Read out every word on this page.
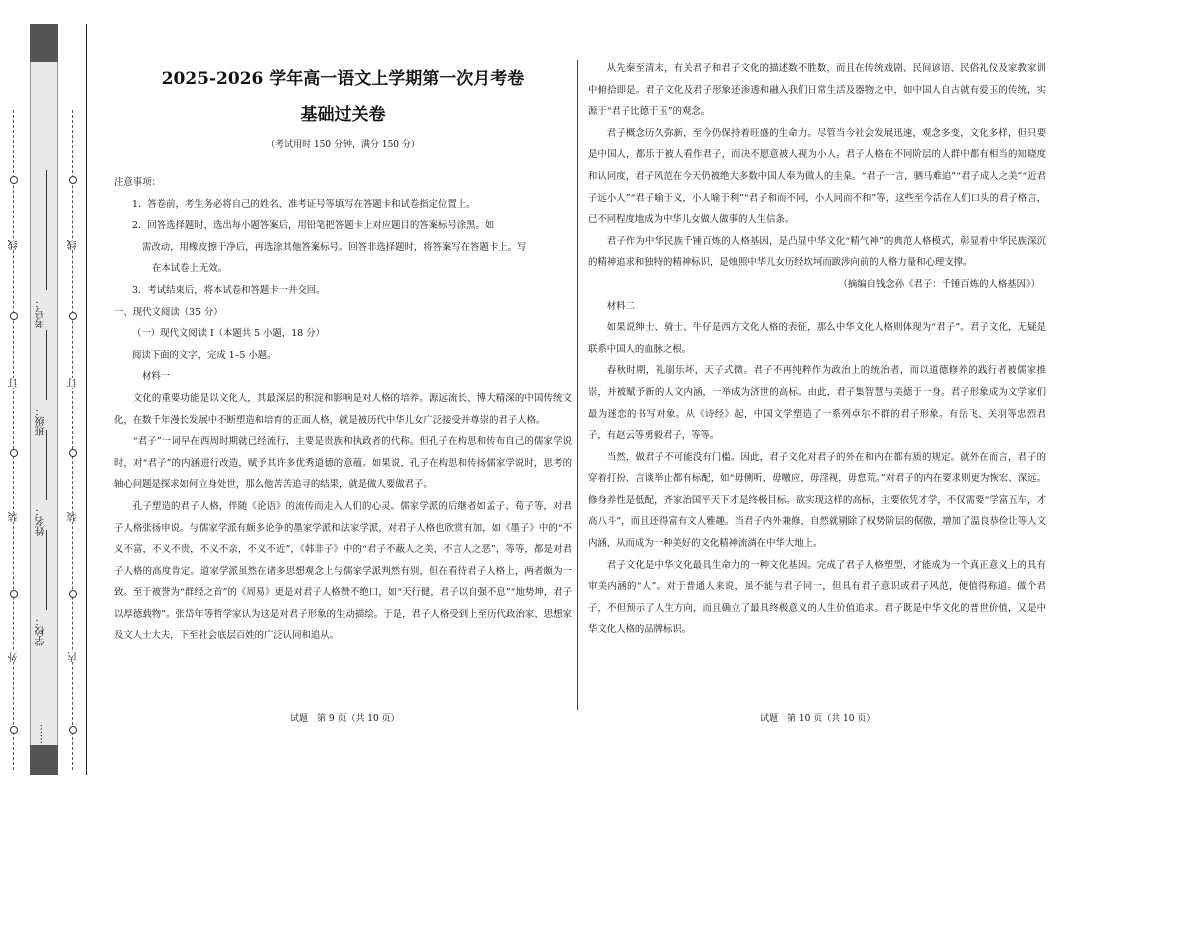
外
装
订
线
内
装
订
线
学校：
姓名：
班级：
考号：
……

2025-2026 学年高一语文上学期第一次月考卷

基础过关卷

（考试用时 150 分钟，满分 150 分）

注意事项：

1．答卷前，考生务必将自己的姓名、准考证号等填写在答题卡和试卷指定位置上。

2．回答选择题时，选出每小题答案后，用铅笔把答题卡上对应题目的答案标号涂黑。如

需改动，用橡皮擦干净后，再选涂其他答案标号。回答非选择题时，将答案写在答题卡上。写

在本试卷上无效。

3．考试结束后，将本试卷和答题卡一并交回。

一、现代文阅读（35 分）

（一）现代文阅读 I（本题共 5 小题，18 分）

阅读下面的文字，完成 1–5 小题。

材料一

文化的重要功能是以文化人，其最深层的积淀和影响是对人格的培养。源远流长、博大精深的中国传统文化，在数千年漫长发展中不断塑造和培育的正面人格，就是被历代中华儿女广泛接受并尊崇的君子人格。

“君子”一词早在西周时期就已经流行，主要是贵族和执政者的代称。但孔子在构思和传布自己的儒家学说时，对“君子”的内涵进行改造，赋予其许多优秀道德的意蕴。如果说，孔子在构思和传扬儒家学说时，思考的轴心问题是探求如何立身处世，那么他苦苦追寻的结果，就是做人要做君子。

孔子塑造的君子人格，伴随《论语》的流传而走入人们的心灵。儒家学派的后继者如孟子、荀子等，对君子人格张扬申说。与儒家学派有颇多论争的墨家学派和法家学派，对君子人格也欣赏有加，如《墨子》中的“不义不富，不义不贵，不义不亲，不义不近”，《韩非子》中的“君子不蔽人之美，不言人之恶”，等等，都是对君子人格的高度肯定。道家学派虽然在诸多思想观念上与儒家学派判然有别，但在看待君子人格上，两者颇为一致。至于被誉为“群经之首”的《周易》更是对君子人格赞不绝口，如“天行健，君子以自强不息”“地势坤，君子以厚德载物”。张岱年等哲学家认为这是对君子形象的生动描绘。于是，君子人格受到上至历代政治家、思想家及文人士大夫，下至社会底层百姓的广泛认同和追从。

从先秦至清末，有关君子和君子文化的描述数不胜数，而且在传统戏剧、民间谚语、民俗礼仪及家教家训中俯拾即是。君子文化及君子形象还渗透和融入我们日常生活及器物之中，如中国人自古就有爱玉的传统，实源于“君子比德于玉”的观念。

君子概念历久弥新，至今仍保持着旺盛的生命力。尽管当今社会发展迅速，观念多变，文化多样，但只要是中国人，都乐于被人看作君子，而决不愿意被人视为小人。君子人格在不同阶层的人群中都有相当的知晓度和认同度，君子风范在今天仍被绝大多数中国人奉为做人的圭臬。“君子一言，驷马难追”“君子成人之美”“近君子远小人”“君子喻于义，小人喻于利”“君子和而不同，小人同而不和”等，这些至今活在人们口头的君子格言，已不同程度地成为中华儿女做人做事的人生信条。

君子作为中华民族千锤百炼的人格基因，是凸显中华文化“精气神”的典范人格模式，彰显着中华民族深沉的精神追求和独特的精神标识，是烛照中华儿女历经坎坷而跋涉向前的人格力量和心理支撑。

（摘编自钱念孙《君子：千锤百炼的人格基因》）

材料二

如果说绅士、骑士、牛仔是西方文化人格的表征，那么中华文化人格则体现为“君子”。君子文化，无疑是联系中国人的血脉之根。

春秋时期，礼崩乐坏，天子式微。君子不再纯粹作为政治上的统治者，而以道德修养的践行者被儒家推崇，并被赋予新的人文内涵，一举成为济世的高标。由此，君子集智慧与美德于一身。君子形象成为文学家们最为迷恋的书写对象。从《诗经》起，中国文学塑造了一系列卓尔不群的君子形象。有岳飞、关羽等忠烈君子，有赵云等勇毅君子，等等。

当然，做君子不可能没有门槛。因此，君子文化对君子的外在和内在都有质的规定。就外在而言，君子的穿着打扮、言谈举止都有标配，如“毋侧听，毋噭应，毋淫视，毋怠荒。”对君子的内在要求则更为恢宏、深远。修身养性是低配，齐家治国平天下才是终极目标。欲实现这样的高标，主要依凭才学，不仅需要“学富五车，才高八斗”，而且还得富有文人雅趣。当君子内外兼修，自然就剔除了权势阶层的倨傲，增加了温良恭俭让等人文内涵，从而成为一种美好的文化精神流淌在中华大地上。

君子文化是中华文化最具生命力的一种文化基因。完成了君子人格塑型，才能成为一个真正意义上的具有审美内涵的“人”。对于普通人来说，虽不能与君子同一，但具有君子意识或君子风范，便值得称道。做个君子，不但预示了人生方向，而且确立了最具终极意义的人生价值追求。君子既是中华文化的普世价值，又是中华文化人格的品牌标识。

试题　第 9 页（共 10 页）	试题　第 10 页（共 10 页）
